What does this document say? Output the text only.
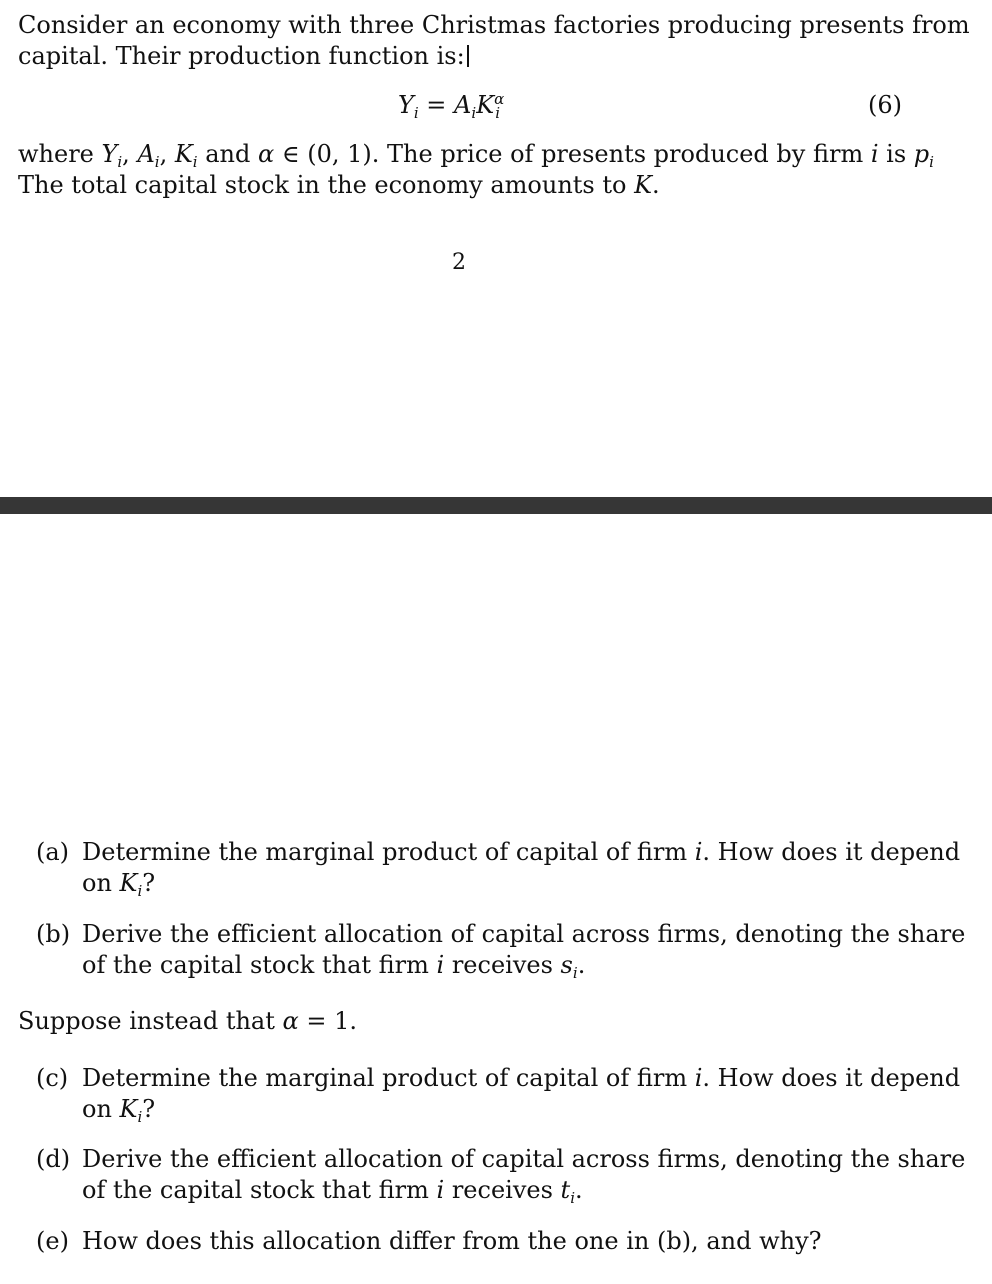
Consider an economy with three Christmas factories producing presents from
capital. Their production function is:
$Y_i = A_iK^\alpha_i$	(6)
where $Y_i$, $A_i$, $K_i$ and α ∈ (0, 1). The price of presents produced by firm i is $p_i$
The total capital stock in the economy amounts to K.
2
(a) Determine the marginal product of capital of firm i. How does it depend
on $K_i$?
(b) Derive the efficient allocation of capital across firms, denoting the share
of the capital stock that firm i receives $s_i$.
Suppose instead that α = 1.
(c) Determine the marginal product of capital of firm i. How does it depend
on $K_i$?
(d) Derive the efficient allocation of capital across firms, denoting the share
of the capital stock that firm i receives $t_i$.
(e) How does this allocation differ from the one in (b), and why?
